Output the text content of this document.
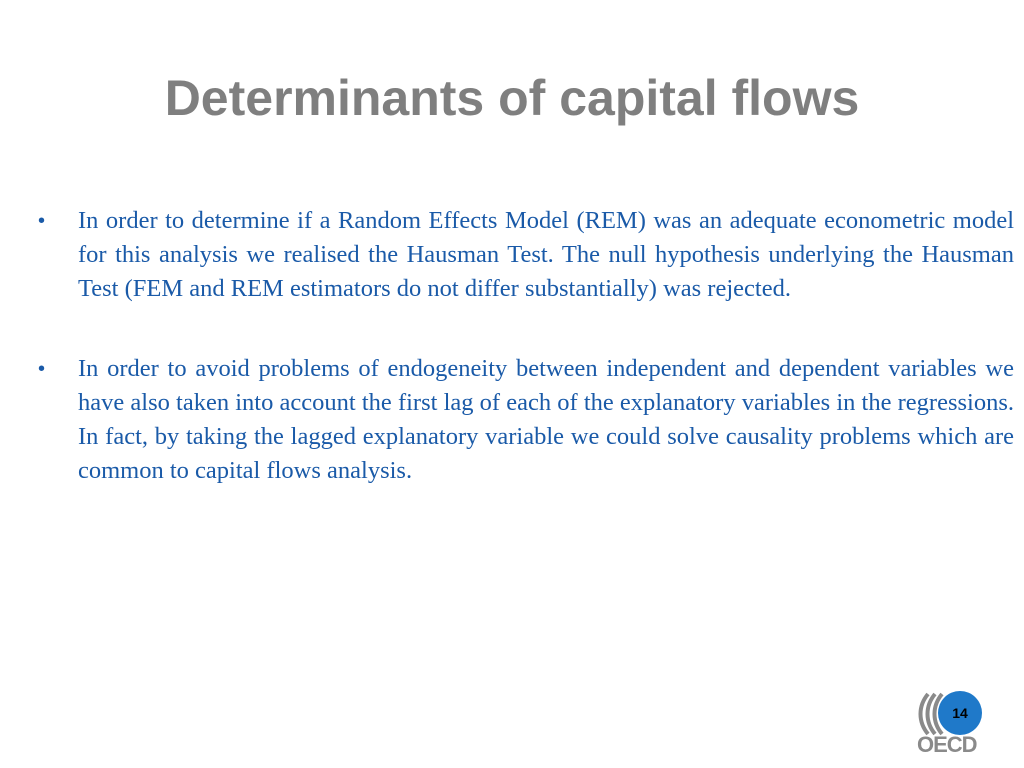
Determinants of capital flows
•	In order to determine if a Random Effects Model (REM) was an adequate econometric model for this analysis we realised the Hausman Test. The null hypothesis underlying the Hausman Test (FEM and REM estimators do not differ substantially) was rejected.
•	In order to avoid problems of endogeneity between independent and dependent variables we have also taken into account the first lag of each of the explanatory variables in the regressions. In fact, by taking the lagged explanatory variable we could solve causality problems which are common to capital flows analysis.
14
OECD
